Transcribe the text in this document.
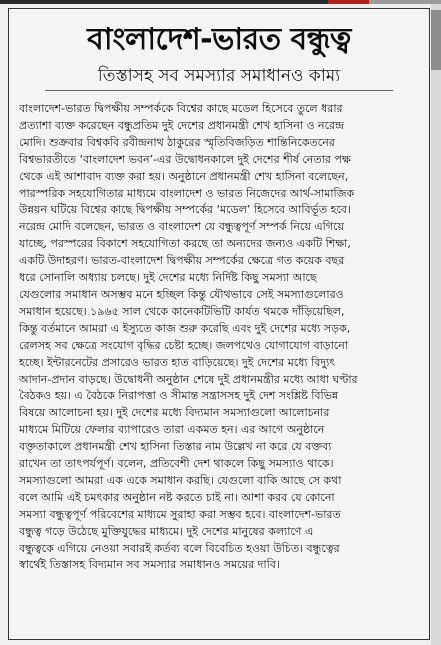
বাংলাদেশ-ভারত বন্ধুত্ব
তিস্তাসহ সব সমস্যার সমাধানও কাম্য
বাংলাদেশ-ভারত দ্বিপক্ষীয় সম্পর্ককে বিশ্বের কাছে মডেল হিসেবে তুলে ধরার
প্রত্যাশা ব্যক্ত করেছেন বন্ধুপ্রতিম দুই দেশের প্রধানমন্ত্রী শেখ হাসিনা ও নরেন্দ্র
মোদি। শুক্রবার বিশ্বকবি রবীন্দ্রনাথ ঠাকুরের স্মৃতিবিজড়িত শান্তিনিকেতনের
বিশ্বভারতীতে ‘বাংলাদেশ ভবন’-এর উদ্বোধনকালে দুই দেশের শীর্ষ নেতার পক্ষ
থেকে এই আশাবাদ ব্যক্ত করা হয়। অনুষ্ঠানে প্রধানমন্ত্রী শেখ হাসিনা বলেছেন,
পারস্পরিক সহযোগিতার মাধ্যমে বাংলাদেশ ও ভারত নিজেদের আর্থ-সামাজিক
উন্নয়ন ঘটিয়ে বিশ্বের কাছে দ্বিপক্ষীয় সম্পর্কের ‘মডেল’ হিসেবে আবির্ভূত হবে।
নরেন্দ্র মোদি বলেছেন, ভারত ও বাংলাদেশ যে বন্ধুত্বপূর্ণ সম্পর্ক নিয়ে এগিয়ে
যাচ্ছে, পরস্পরের বিকাশে সহযোগিতা করছে তা অন্যদের জন্যও একটি শিক্ষা,
একটি উদাহরণ। ভারত-বাংলাদেশ দ্বিপক্ষীয় সম্পর্কের ক্ষেত্রে গত কয়েক বছর
ধরে সোনালি অধ্যায় চলছে। দুই দেশের মধ্যে নির্দিষ্ট কিছু সমস্যা আছে
যেগুলোর সমাধান অসম্ভব মনে হচ্ছিল কিন্তু যৌথভাবে সেই সমস্যাগুলোরও
সমাধান হয়েছে। ১৯৬৫ সাল থেকে কানেকটিভিটি কার্যত থমকে দাঁড়িয়েছিল,
কিন্তু বর্তমানে আমরা এ ইস্যুতে কাজ শুরু করেছি এবং দুই দেশের মধ্যে সড়ক,
রেলসহ সব ক্ষেত্রে সংযোগ বৃদ্ধির চেষ্টা হচ্ছে। জলপথেও যোগাযোগ বাড়ানো
হচ্ছে। ইন্টারনেটের প্রসারেও ভারত হাত বাড়িয়েছে। দুই দেশের মধ্যে বিদ্যুৎ
আদান-প্রদান বাড়ছে। উদ্বোধনী অনুষ্ঠান শেষে দুই প্রধানমন্ত্রীর মধ্যে আধা ঘণ্টার
বৈঠকও হয়। এ বৈঠকে নিরাপত্তা ও সীমান্ত সন্ত্রাসসহ দুই দেশ সংশ্লিষ্ট বিভিন্ন
বিষয়ে আলোচনা হয়। দুই দেশের মধ্যে বিদ্যমান সমস্যাগুলো আলোচনার
মাধ্যমে মিটিয়ে ফেলার ব্যাপারেও তারা একমত হন। এর আগে অনুষ্ঠানে
বক্তৃতাকালে প্রধানমন্ত্রী শেখ হাসিনা তিস্তার নাম উল্লেখ না করে যে বক্তব্য
রাখেন তা তাৎপর্যপূর্ণ। বলেন, প্রতিবেশী দেশ থাকলে কিছু সমস্যাও থাকে।
সমস্যাগুলো আমরা এক একে সমাধান করছি। যেগুলো বাকি আছে সে কথা
বলে আমি এই চমৎকার অনুষ্ঠান নষ্ট করতে চাই না। আশা করব যে কোনো
সমস্যা বন্ধুত্বপূর্ণ পরিবেশের মাধ্যমে সুরাহা করা সম্ভব হবে। বাংলাদেশ-ভারত
বন্ধুত্ব গড়ে উঠেছে মুক্তিযুদ্ধের মাধ্যমে। দুই দেশের মানুষের কল্যাণে এ
বন্ধুত্বকে এগিয়ে নেওয়া সবারই কর্তব্য বলে বিবেচিত হওয়া উচিত। বন্ধুত্বের
স্বার্থেই তিস্তাসহ বিদ্যমান সব সমস্যার সমাধানও সময়ের দাবি।
